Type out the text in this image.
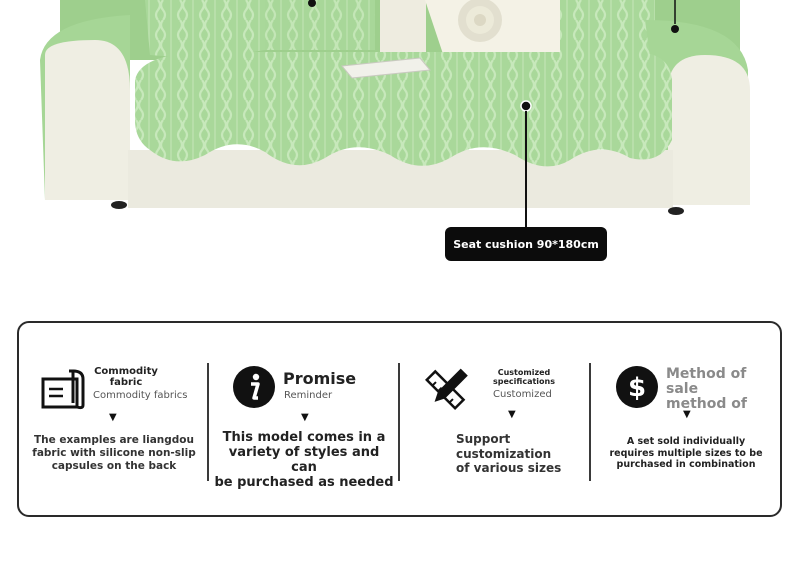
Seat cushion 90*180cm
Commodity
fabric
Commodity fabrics
▼
The examples are liangdou
fabric with silicone non-slip
capsules on the back
Promise
Reminder
▼
This model comes in a
variety of styles and can
be purchased as needed
Customized
specifications
Customized
▼
Support
customization
of various sizes
$ Method of sale
method of
▼
A set sold individually
requires multiple sizes to be
purchased in combination
